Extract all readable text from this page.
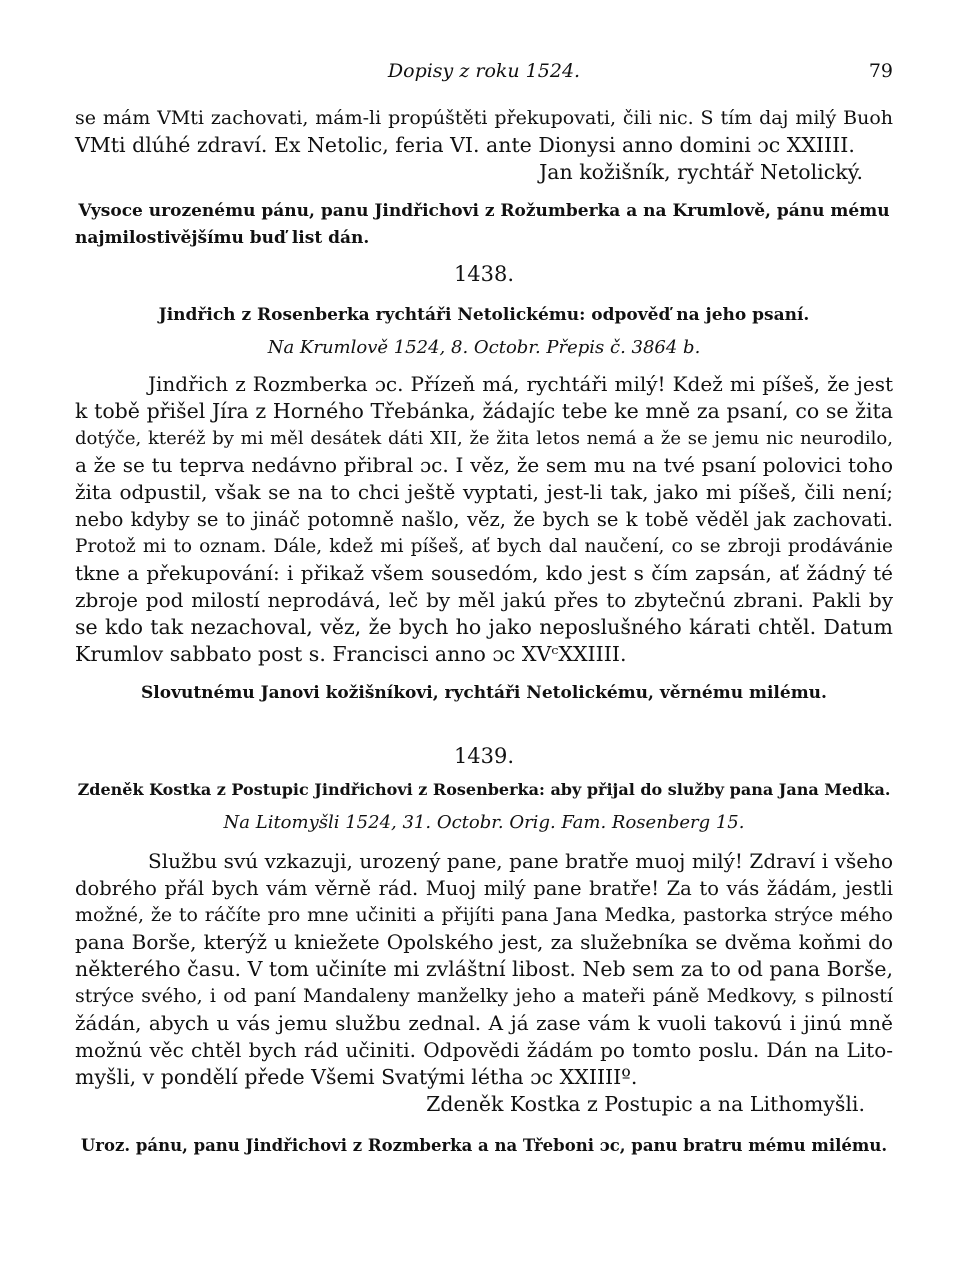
Dopisy z roku 1524.	79
se mám VMti zachovati, mám-li propúštěti překupovati, čili nic. S tím daj milý Buoh
VMti dlúhé zdraví. Ex Netolic, feria VI. ante Dionysi anno domini ɔc XXIIII.
Jan kožišník, rychtář Netolický.
Vysoce urozenému pánu, panu Jindřichovi z Rožumberka a na Krumlově, pánu mému
najmilostivějšímu buď list dán.
1438.
Jindřich z Rosenberka rychtáři Netolickému: odpověď na jeho psaní.
Na Krumlově 1524, 8. Octobr. Přepis č. 3864 b.
Jindřich z Rozmberka ɔc. Přízeň má, rychtáři milý! Kdež mi píšeš, že jest
k tobě přišel Jíra z Horného Třebánka, žádajíc tebe ke mně za psaní, co se žita
dotýče, kteréž by mi měl desátek dáti XII, že žita letos nemá a že se jemu nic neurodilo,
a že se tu teprva nedávno přibral ɔc. I věz, že sem mu na tvé psaní polovici toho
žita odpustil, však se na to chci ještě vyptati, jest-li tak, jako mi píšeš, čili není;
nebo kdyby se to jináč potomně našlo, věz, že bych se k tobě věděl jak zachovati.
Protož mi to oznam. Dále, kdež mi píšeš, ať bych dal naučení, co se zbroji prodávánie
tkne a překupování: i přikaž všem sousedóm, kdo jest s čím zapsán, ať žádný té
zbroje pod milostí neprodává, leč by měl jakú přes to zbytečnú zbrani. Pakli by
se kdo tak nezachoval, věz, že bych ho jako neposlušného kárati chtěl. Datum
Krumlov sabbato post s. Francisci anno ɔc XVᶜXXIIII.
Slovutnému Janovi kožišníkovi, rychtáři Netolickému, věrnému milému.
1439.
Zdeněk Kostka z Postupic Jindřichovi z Rosenberka: aby přijal do služby pana Jana Medka.
Na Litomyšli 1524, 31. Octobr. Orig. Fam. Rosenberg 15.
Službu svú vzkazuji, urozený pane, pane bratře muoj milý! Zdraví i všeho
dobrého přál bych vám věrně rád. Muoj milý pane bratře! Za to vás žádám, jestli
možné, že to ráčíte pro mne učiniti a přijíti pana Jana Medka, pastorka strýce mého
pana Borše, kterýž u kniežete Opolského jest, za služebníka se dvěma koňmi do
některého času. V tom učiníte mi zvláštní libost. Neb sem za to od pana Borše,
strýce svého, i od paní Mandaleny manželky jeho a mateři páně Medkovy, s pilností
žádán, abych u vás jemu službu zednal. A já zase vám k vuoli takovú i jinú mně
možnú věc chtěl bych rád učiniti. Odpovědi žádám po tomto poslu. Dán na Lito-
myšli, v pondělí přede Všemi Svatými létha ɔc XXIIIIº.
Zdeněk Kostka z Postupic a na Lithomyšli.
Uroz. pánu, panu Jindřichovi z Rozmberka a na Třeboni ɔc, panu bratru mému milému.
